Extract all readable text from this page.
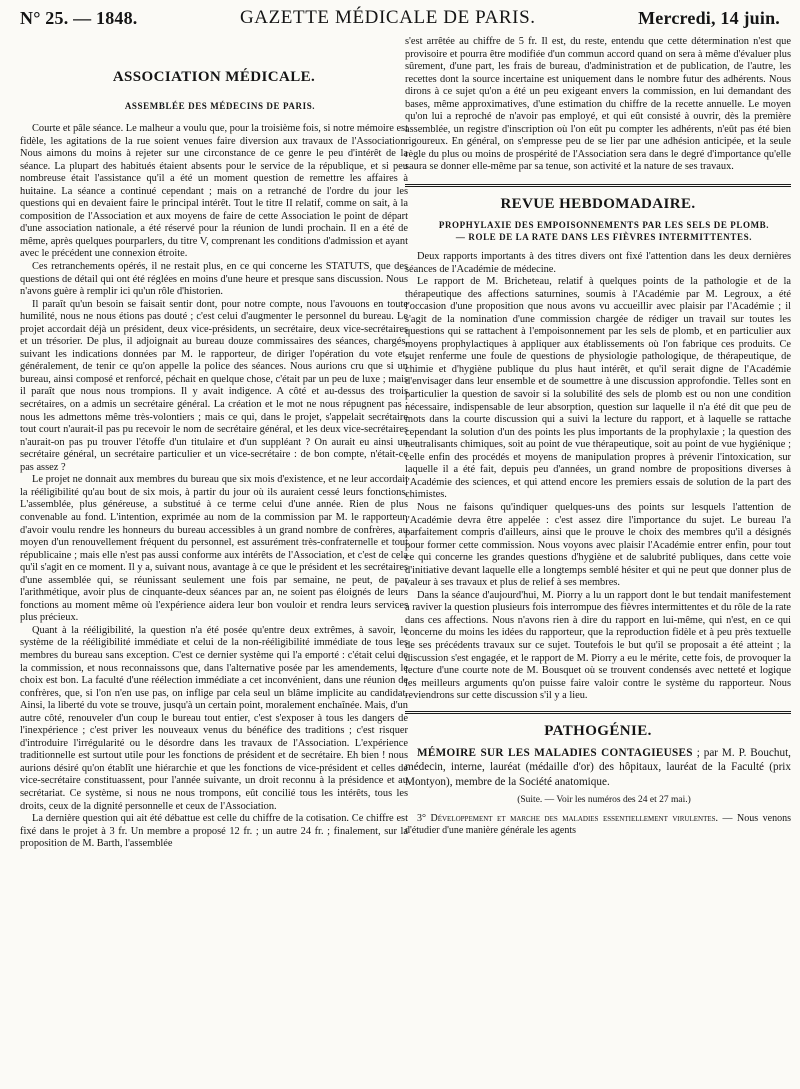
N° 25. — 1848.	GAZETTE MÉDICALE DE PARIS.	Mercredi, 14 juin.
ASSOCIATION MÉDICALE.

ASSEMBLÉE DES MÉDECINS DE PARIS.

Courte et pâle séance. Le malheur a voulu que, pour la troisième fois, si notre mémoire est fidèle, les agitations de la rue soient venues faire diversion aux travaux de l'Association. Nous aimons du moins à rejeter sur une circonstance de ce genre le peu d'intérêt de la séance. La plupart des habitués étaient absents pour le service de la république, et si peu nombreuse était l'assistance qu'il a été un moment question de remettre les affaires à huitaine. La séance a continué cependant ; mais on a retranché de l'ordre du jour les questions qui en devaient faire le principal intérêt. Tout le titre II relatif, comme on sait, à la composition de l'Association et aux moyens de faire de cette Association le point de départ d'une association nationale, a été réservé pour la réunion de lundi prochain. Il en a été de même, après quelques pourparlers, du titre V, comprenant les conditions d'admission et ayant avec le précédent une connexion étroite.

Ces retranchements opérés, il ne restait plus, en ce qui concerne les STATUTS, que des questions de détail qui ont été réglées en moins d'une heure et presque sans discussion. Nous n'avons guère à remplir ici qu'un rôle d'historien.

Il paraît qu'un besoin se faisait sentir dont, pour notre compte, nous l'avouons en toute humilité, nous ne nous étions pas douté ; c'est celui d'augmenter le personnel du bureau. Le projet accordait déjà un président, deux vice-présidents, un secrétaire, deux vice-secrétaires et un trésorier. De plus, il adjoignait au bureau douze commissaires des séances, chargés, suivant les indications données par M. le rapporteur, de diriger l'opération du vote et, généralement, de tenir ce qu'on appelle la police des séances. Nous aurions cru que si un bureau, ainsi composé et renforcé, péchait en quelque chose, c'était par un peu de luxe ; mais il paraît que nous nous trompions. Il y avait indigence. A côté et au-dessus des trois secrétaires, on a admis un secrétaire général. La création et le mot ne nous répugnent pas ; nous les admettons même très-volontiers ; mais ce qui, dans le projet, s'appelait secrétaire tout court n'aurait-il pas pu recevoir le nom de secrétaire général, et les deux vice-secrétaires n'aurait-on pas pu trouver l'étoffe d'un titulaire et d'un suppléant ? On aurait eu ainsi un secrétaire général, un secrétaire particulier et un vice-secrétaire : de bon compte, n'était-ce pas assez ?

Le projet ne donnait aux membres du bureau que six mois d'existence, et ne leur accordait la rééligibilité qu'au bout de six mois, à partir du jour où ils auraient cessé leurs fonctions. L'assemblée, plus généreuse, a substitué à ce terme celui d'une année. Rien de plus convenable au fond. L'intention, exprimée au nom de la commission par M. le rapporteur, d'avoir voulu rendre les honneurs du bureau accessibles à un grand nombre de confrères, au moyen d'un renouvellement fréquent du personnel, est assurément très-confraternelle et tout républicaine ; mais elle n'est pas aussi conforme aux intérêts de l'Association, et c'est de cela qu'il s'agit en ce moment. Il y a, suivant nous, avantage à ce que le président et les secrétaires d'une assemblée qui, se réunissant seulement une fois par semaine, ne peut, de par l'arithmétique, avoir plus de cinquante-deux séances par an, ne soient pas éloignés de leurs fonctions au moment même où l'expérience aidera leur bon vouloir et rendra leurs services plus précieux.

Quant à la rééligibilité, la question n'a été posée qu'entre deux extrêmes, à savoir, le système de la rééligibilité immédiate et celui de la non-rééligibilité immédiate de tous les membres du bureau sans exception. C'est ce dernier système qui l'a emporté : c'était celui de la commission, et nous reconnaissons que, dans l'alternative posée par les amendements, le choix est bon. La faculté d'une réélection immédiate a cet inconvénient, dans une réunion de confrères, que, si l'on n'en use pas, on inflige par cela seul un blâme implicite au candidat. Ainsi, la liberté du vote se trouve, jusqu'à un certain point, moralement enchaînée. Mais, d'un autre côté, renouveler d'un coup le bureau tout entier, c'est s'exposer à tous les dangers de l'inexpérience ; c'est priver les nouveaux venus du bénéfice des traditions ; c'est risquer d'introduire l'irrégularité ou le désordre dans les travaux de l'Association. L'expérience traditionnelle est surtout utile pour les fonctions de président et de secrétaire. Eh bien ! nous aurions désiré qu'on établît une hiérarchie et que les fonctions de vice-président et celles de vice-secrétaire constituassent, pour l'année suivante, un droit reconnu à la présidence et au secrétariat. Ce système, si nous ne nous trompons, eût concilié tous les intérêts, tous les droits, ceux de la dignité personnelle et ceux de l'Association.

La dernière question qui ait été débattue est celle du chiffre de la cotisation. Ce chiffre est fixé dans le projet à 3 fr. Un membre a proposé 12 fr. ; un autre 24 fr. ; finalement, sur la proposition de M. Barth, l'assemblée

s'est arrêtée au chiffre de 5 fr. Il est, du reste, entendu que cette détermination n'est que provisoire et pourra être modifiée d'un commun accord quand on sera à même d'évaluer plus sûrement, d'une part, les frais de bureau, d'administration et de publication, de l'autre, les recettes dont la source incertaine est uniquement dans le nombre futur des adhérents. Nous dirons à ce sujet qu'on a été un peu exigeant envers la commission, en lui demandant des bases, même approximatives, d'une estimation du chiffre de la recette annuelle. Le moyen qu'on lui a reproché de n'avoir pas employé, et qui eût consisté à ouvrir, dès la première assemblée, un registre d'inscription où l'on eût pu compter les adhérents, n'eût pas été bien rigoureux. En général, on s'empresse peu de se lier par une adhésion anticipée, et la seule règle du plus ou moins de prospérité de l'Association sera dans le degré d'importance qu'elle saura se donner elle-même par sa tenue, son activité et la nature de ses travaux.

REVUE HEBDOMADAIRE.

PROPHYLAXIE DES EMPOISONNEMENTS PAR LES SELS DE PLOMB.

— ROLE DE LA RATE DANS LES FIÈVRES INTERMITTENTES.

Deux rapports importants à des titres divers ont fixé l'attention dans les deux dernières séances de l'Académie de médecine.

Le rapport de M. Bricheteau, relatif à quelques points de la pathologie et de la thérapeutique des affections saturnines, soumis à l'Académie par M. Legroux, a été l'occasion d'une proposition que nous avons vu accueillir avec plaisir par l'Académie ; il s'agit de la nomination d'une commission chargée de rédiger un travail sur toutes les questions qui se rattachent à l'empoisonnement par les sels de plomb, et en particulier aux moyens prophylactiques à appliquer aux établissements où l'on fabrique ces produits. Ce sujet renferme une foule de questions de physiologie pathologique, de thérapeutique, de chimie et d'hygiène publique du plus haut intérêt, et qu'il serait digne de l'Académie d'envisager dans leur ensemble et de soumettre à une discussion approfondie. Telles sont en particulier la question de savoir si la solubilité des sels de plomb est ou non une condition nécessaire, indispensable de leur absorption, question sur laquelle il n'a été dit que peu de mots dans la courte discussion qui a suivi la lecture du rapport, et à laquelle se rattache cependant la solution d'un des points les plus importants de la prophylaxie ; la question des neutralisants chimiques, soit au point de vue thérapeutique, soit au point de vue hygiénique ; celle enfin des procédés et moyens de manipulation propres à prévenir l'intoxication, sur laquelle il a été fait, depuis peu d'années, un grand nombre de propositions diverses à l'Académie des sciences, et qui attend encore les premiers essais de solution de la part des chimistes.

Nous ne faisons qu'indiquer quelques-uns des points sur lesquels l'attention de l'Académie devra être appelée : c'est assez dire l'importance du sujet. Le bureau l'a parfaitement compris d'ailleurs, ainsi que le prouve le choix des membres qu'il a désignés pour former cette commission. Nous voyons avec plaisir l'Académie entrer enfin, pour tout ce qui concerne les grandes questions d'hygiène et de salubrité publiques, dans cette voie d'initiative devant laquelle elle a longtemps semblé hésiter et qui ne peut que donner plus de valeur à ses travaux et plus de relief à ses membres.

Dans la séance d'aujourd'hui, M. Piorry a lu un rapport dont le but tendait manifestement à raviver la question plusieurs fois interrompue des fièvres intermittentes et du rôle de la rate dans ces affections. Nous n'avons rien à dire du rapport en lui-même, qui n'est, en ce qui concerne du moins les idées du rapporteur, que la reproduction fidèle et à peu près textuelle de ses précédents travaux sur ce sujet. Toutefois le but qu'il se proposait a été atteint ; la discussion s'est engagée, et le rapport de M. Piorry a eu le mérite, cette fois, de provoquer la lecture d'une courte note de M. Bousquet où se trouvent condensés avec netteté et logique les meilleurs arguments qu'on puisse faire valoir contre le système du rapporteur. Nous reviendrons sur cette discussion s'il y a lieu.

PATHOGÉNIE.

MÉMOIRE SUR LES MALADIES CONTAGIEUSES ; par M. P. Bouchut, médecin, interne, lauréat (médaille d'or) des hôpitaux, lauréat de la Faculté (prix Montyon), membre de la Société anatomique.

(Suite. — Voir les numéros des 24 et 27 mai.)

3° Développement et marche des maladies essentiellement virulentes. — Nous venons d'étudier d'une manière générale les agents
